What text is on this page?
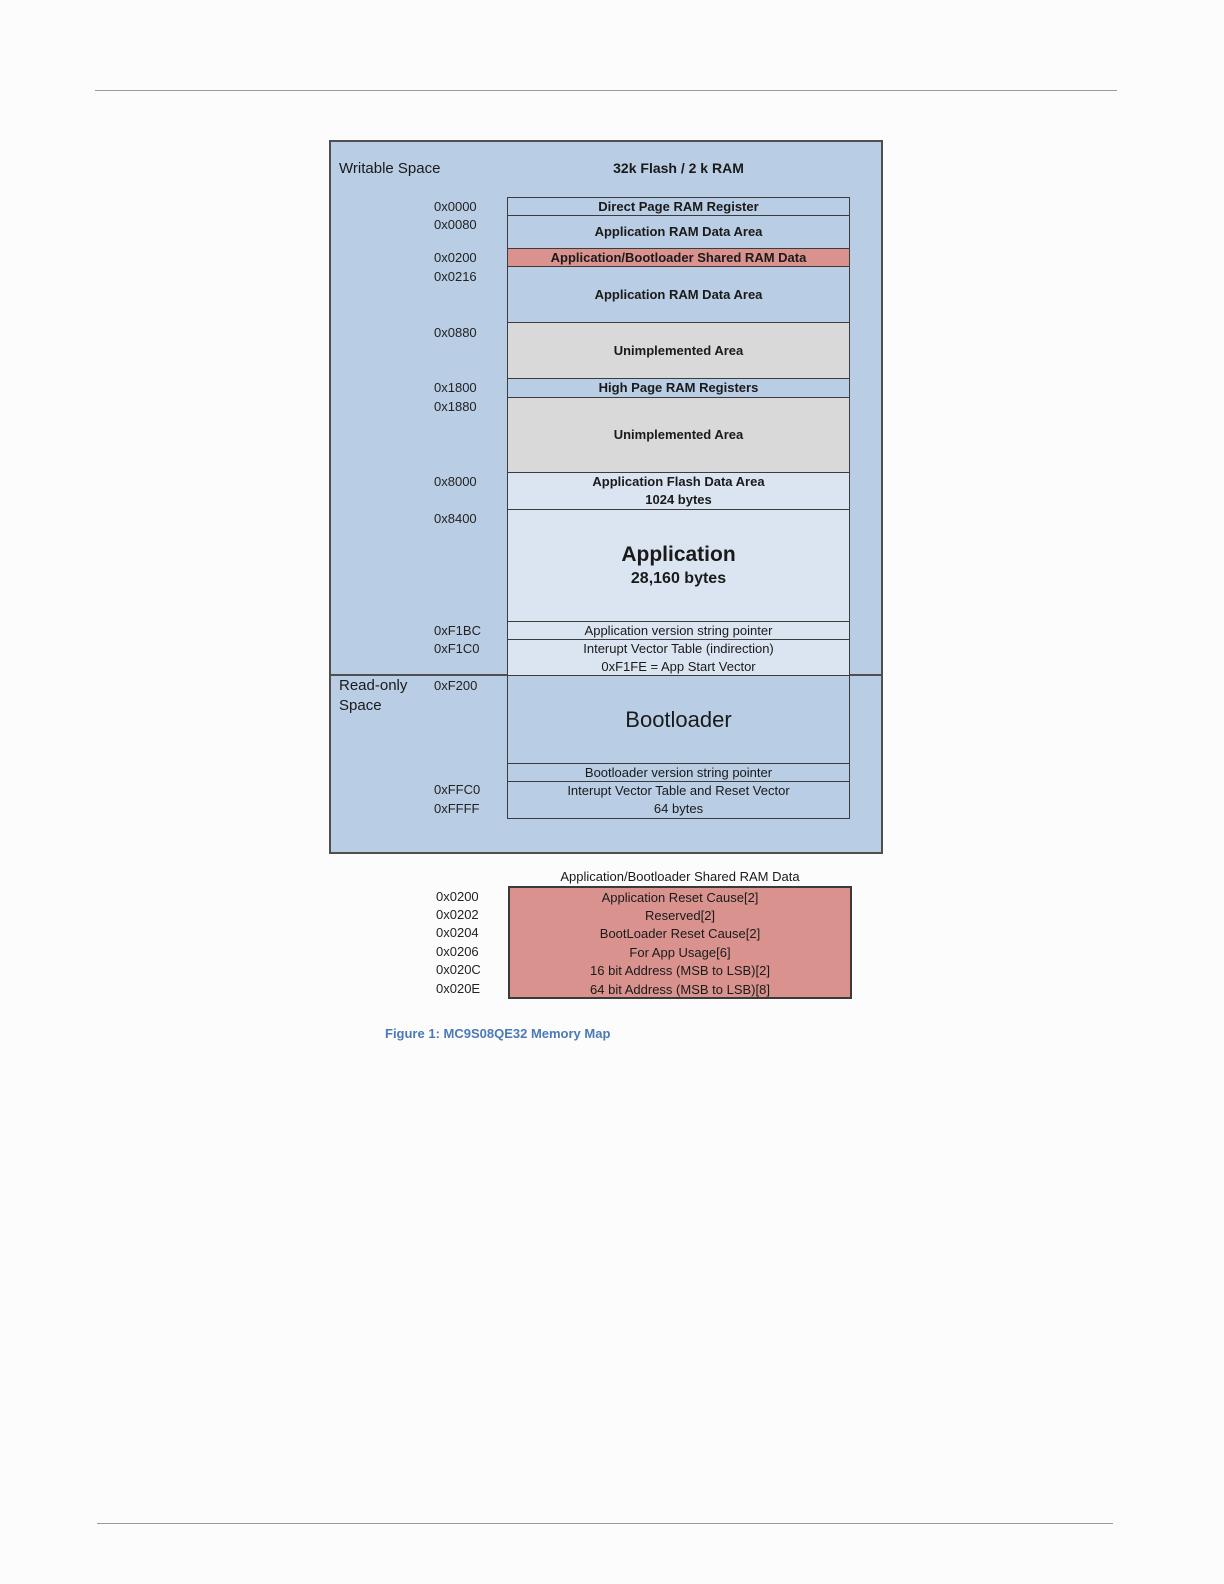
Writable Space	32k Flash / 2 k RAM
Read-only Space
0x0000
0x0080
0x0200
0x0216
0x0880
0x1800
0x1880
0x8000
0x8400
0xF1BC
0xF1C0
0xF200
0xFFC0
0xFFFF
Direct Page RAM Register
Application RAM Data Area
Application/Bootloader Shared RAM Data
Application RAM Data Area
Unimplemented Area
High Page RAM Registers
Unimplemented Area
Application Flash Data Area
1024 bytes
Application
28,160 bytes
Application version string pointer
Interupt Vector Table (indirection)
0xF1FE = App Start Vector
Bootloader
Bootloader version string pointer
Interupt Vector Table and Reset Vector
64 bytes
Application/Bootloader Shared RAM Data
Application Reset Cause[2]
Reserved[2]
BootLoader Reset Cause[2]
For App Usage[6]
16 bit Address (MSB to LSB)[2]
64 bit Address (MSB to LSB)[8]
0x0200
0x0202
0x0204
0x0206
0x020C
0x020E
Figure 1: MC9S08QE32 Memory Map
